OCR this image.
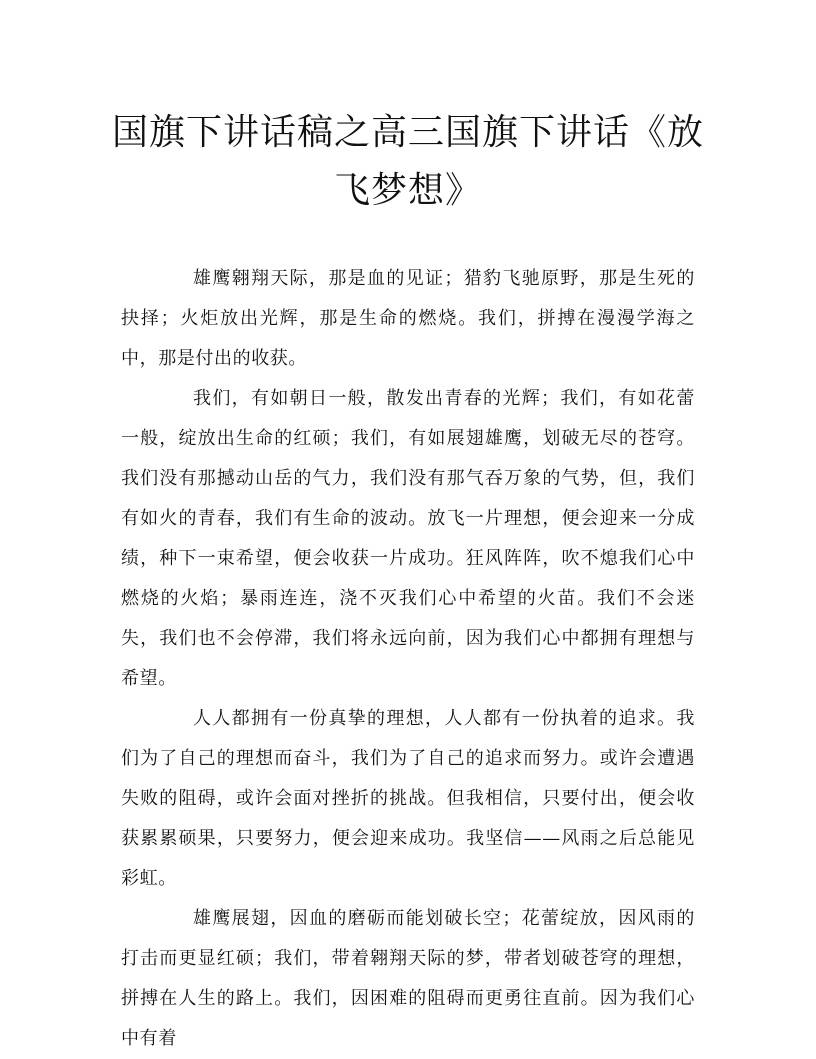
国旗下讲话稿之高三国旗下讲话《放飞梦想》

雄鹰翱翔天际，那是血的见证；猎豹飞驰原野，那是生死的抉择；火炬放出光辉，那是生命的燃烧。我们，拼搏在漫漫学海之中，那是付出的收获。

我们，有如朝日一般，散发出青春的光辉；我们，有如花蕾一般，绽放出生命的红硕；我们，有如展翅雄鹰，划破无尽的苍穹。我们没有那撼动山岳的气力，我们没有那气吞万象的气势，但，我们有如火的青春，我们有生命的波动。放飞一片理想，便会迎来一分成绩，种下一束希望，便会收获一片成功。狂风阵阵，吹不熄我们心中燃烧的火焰；暴雨连连，浇不灭我们心中希望的火苗。我们不会迷失，我们也不会停滞，我们将永远向前，因为我们心中都拥有理想与希望。

人人都拥有一份真挚的理想，人人都有一份执着的追求。我们为了自己的理想而奋斗，我们为了自己的追求而努力。或许会遭遇失败的阻碍，或许会面对挫折的挑战。但我相信，只要付出，便会收获累累硕果，只要努力，便会迎来成功。我坚信——风雨之后总能见彩虹。

雄鹰展翅，因血的磨砺而能划破长空；花蕾绽放，因风雨的打击而更显红硕；我们，带着翱翔天际的梦，带者划破苍穹的理想，拼搏在人生的路上。我们，因困难的阻碍而更勇往直前。因为我们心中有着
